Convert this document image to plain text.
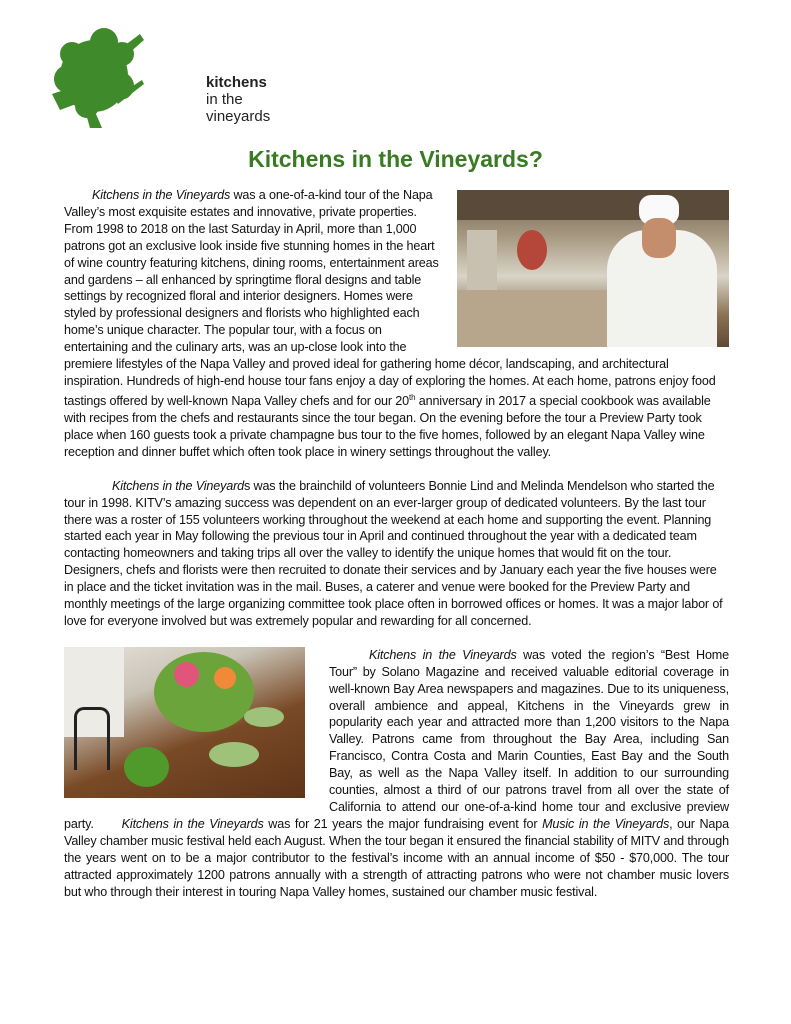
kitchens
in the
vineyards
Kitchens in the Vineyards?

Kitchens in the Vineyards was a one-of-a-kind tour of the Napa Valley’s most exquisite estates and innovative, private properties. From 1998 to 2018 on the last Saturday in April, more than 1,000 patrons got an exclusive look inside five stunning homes in the heart of wine country featuring kitchens, dining rooms, entertainment areas and gardens – all enhanced by springtime floral designs and table settings by recognized floral and interior designers. Homes were styled by professional designers and florists who highlighted each home’s unique character. The popular tour, with a focus on entertaining and the culinary arts, was an up-close look into the premiere lifestyles of the Napa Valley and proved ideal for gathering home décor, landscaping, and architectural inspiration. Hundreds of high-end house tour fans enjoy a day of exploring the homes. At each home, patrons enjoy food tastings offered by well-known Napa Valley chefs and for our 20th anniversary in 2017 a special cookbook was available with recipes from the chefs and restaurants since the tour began. On the evening before the tour a Preview Party took place when 160 guests took a private champagne bus tour to the five homes, followed by an elegant Napa Valley wine reception and dinner buffet which often took place in winery settings throughout the valley.

Kitchens in the Vineyards was the brainchild of volunteers Bonnie Lind and Melinda Mendelson who started the tour in 1998. KITV’s amazing success was dependent on an ever-larger group of dedicated volunteers. By the last tour there was a roster of 155 volunteers working throughout the weekend at each home and supporting the event. Planning started each year in May following the previous tour in April and continued throughout the year with a dedicated team contacting homeowners and taking trips all over the valley to identify the unique homes that would fit on the tour. Designers, chefs and florists were then recruited to donate their services and by January each year the five houses were in place and the ticket invitation was in the mail. Buses, a caterer and venue were booked for the Preview Party and monthly meetings of the large organizing committee took place often in borrowed offices or homes. It was a major labor of love for everyone involved but was extremely popular and rewarding for all concerned.

Kitchens in the Vineyards was voted the region’s “Best Home Tour” by Solano Magazine and received valuable editorial coverage in well-known Bay Area newspapers and magazines. Due to its uniqueness, overall ambience and appeal, Kitchens in the Vineyards grew in popularity each year and attracted more than 1,200 visitors to the Napa Valley. Patrons came from throughout the Bay Area, including San Francisco, Contra Costa and Marin Counties, East Bay and the South Bay, as well as the Napa Valley itself. In addition to our surrounding counties, almost a third of our patrons travel from all over the state of California to attend our one-of-a-kind home tour and exclusive preview party. Kitchens in the Vineyards was for 21 years the major fundraising event for Music in the Vineyards, our Napa Valley chamber music festival held each August. When the tour began it ensured the financial stability of MITV and through the years went on to be a major contributor to the festival’s income with an annual income of $50 - $70,000. The tour attracted approximately 1200 patrons annually with a strength of attracting patrons who were not chamber music lovers but who through their interest in touring Napa Valley homes, sustained our chamber music festival.
